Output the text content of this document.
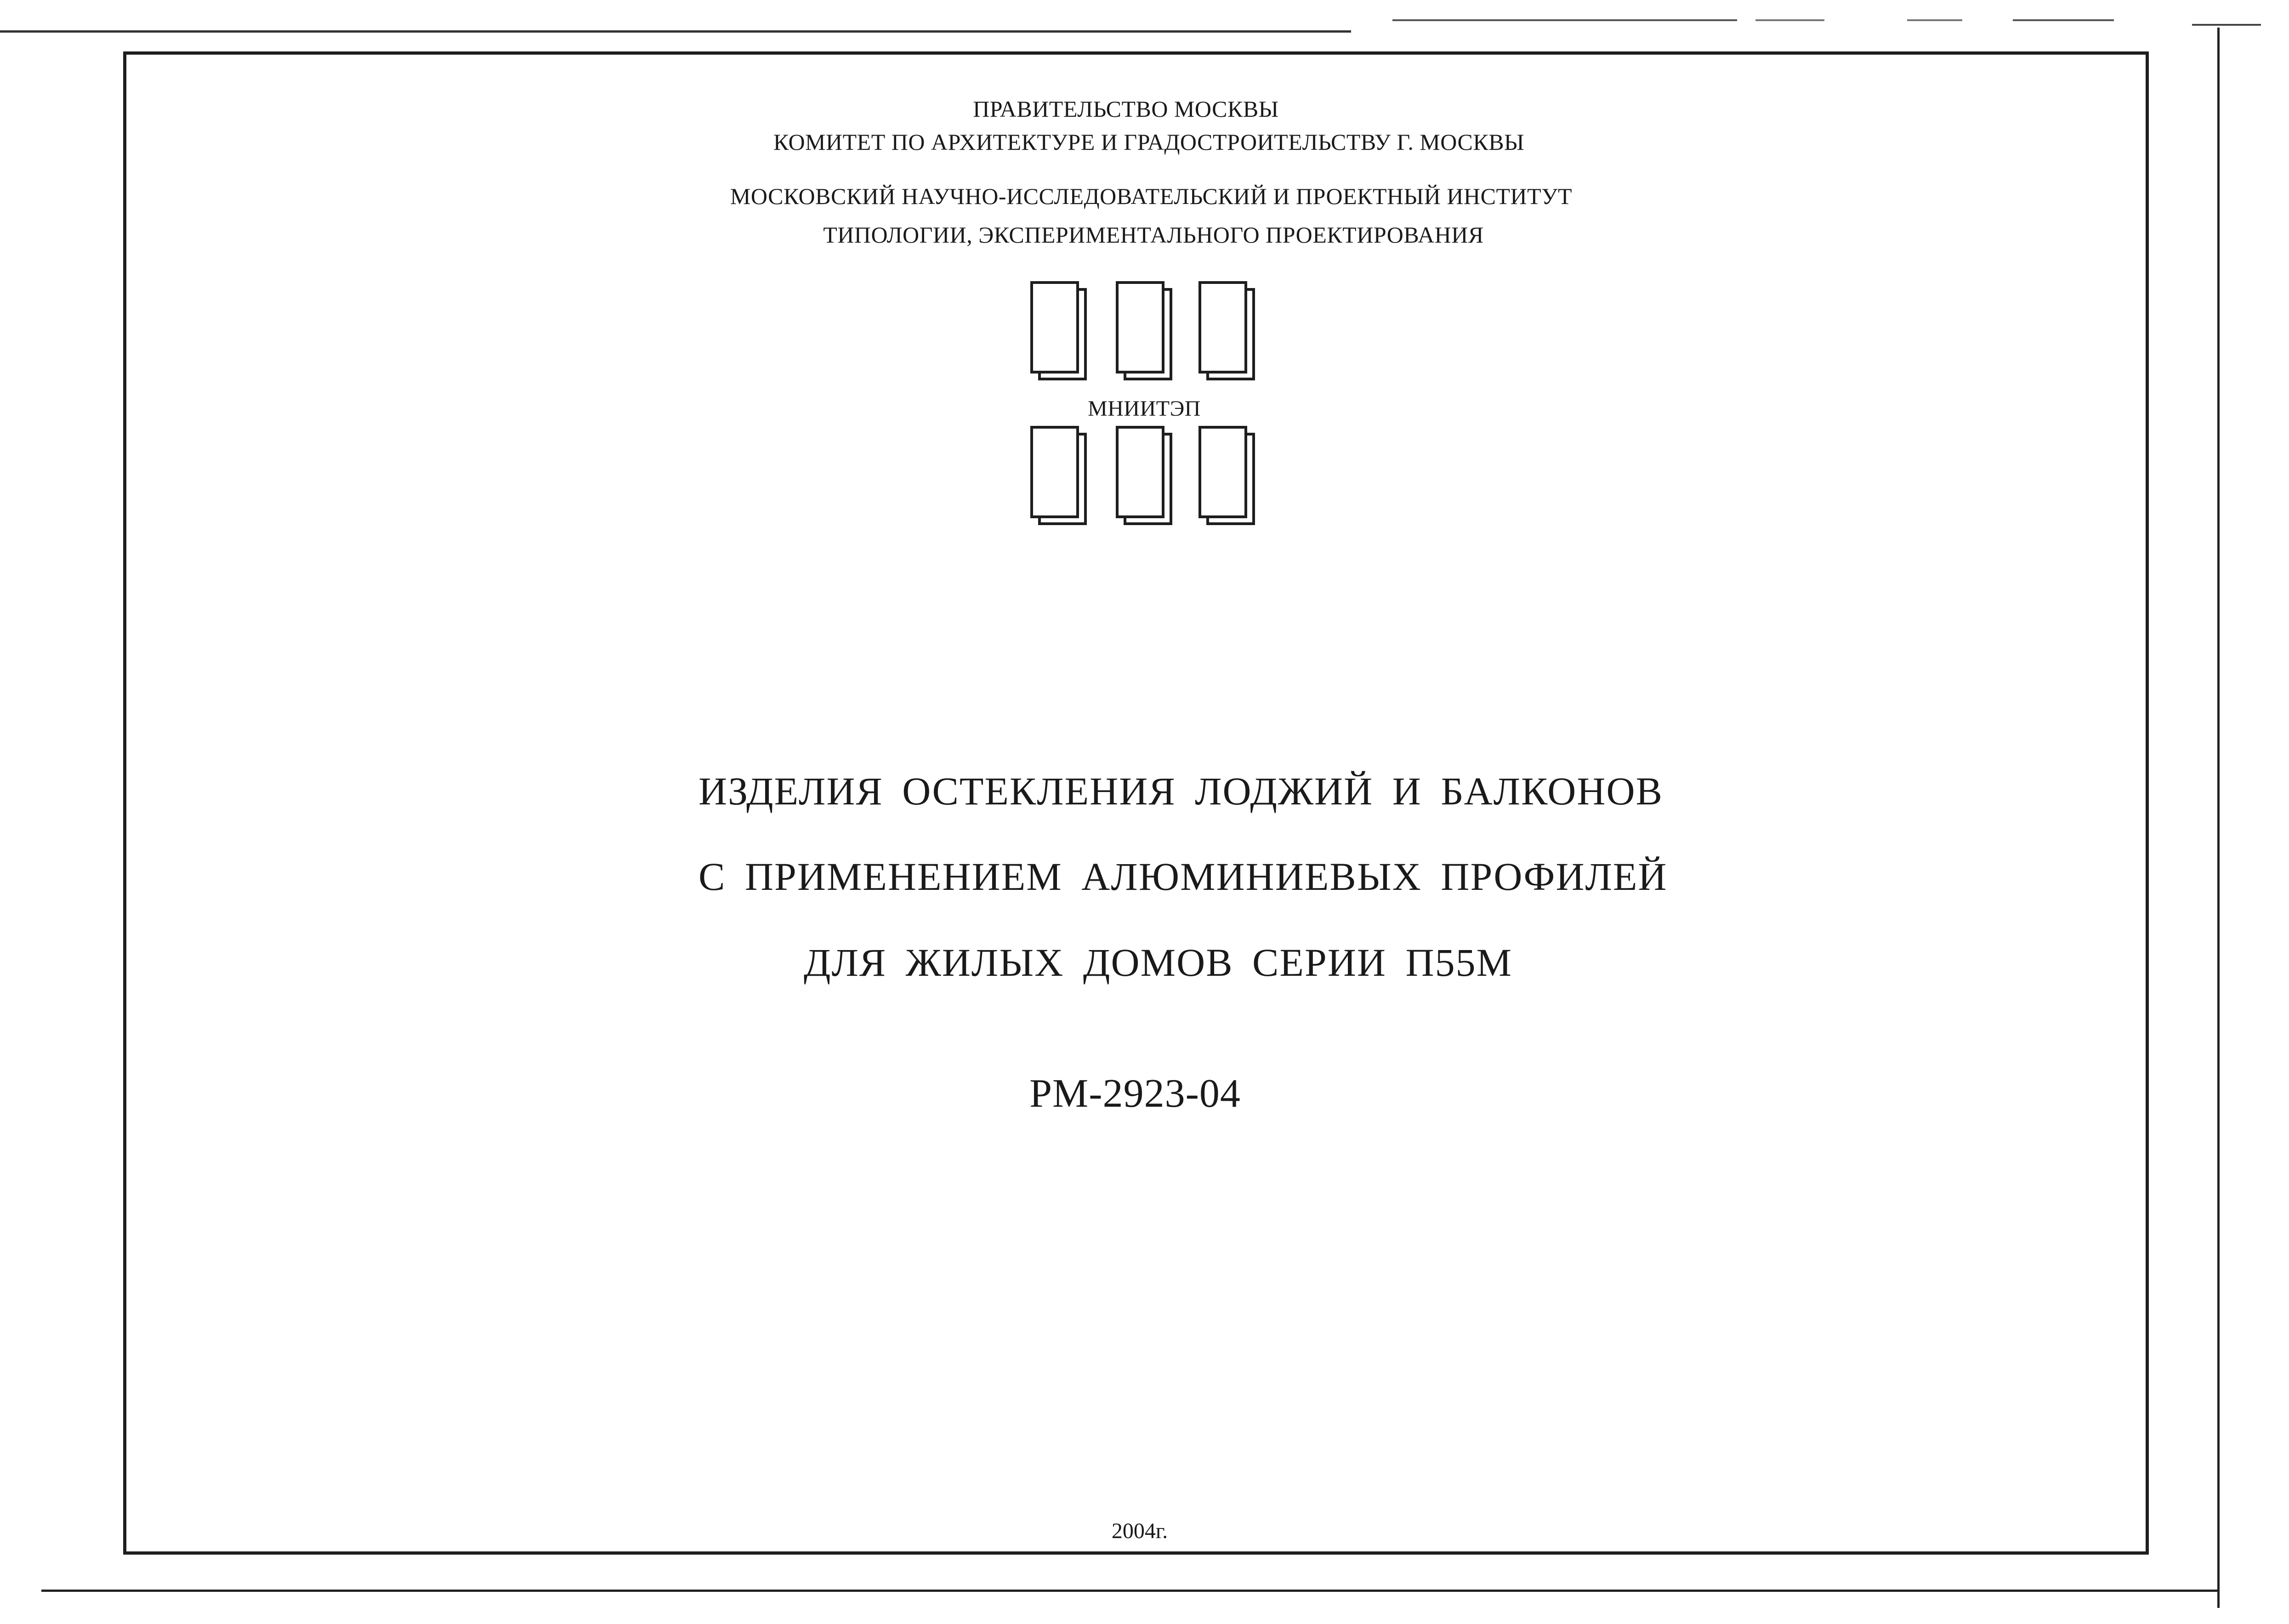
ПРАВИТЕЛЬСТВО МОСКВЫ
КОМИТЕТ ПО АРХИТЕКТУРЕ И ГРАДОСТРОИТЕЛЬСТВУ Г. МОСКВЫ
МОСКОВСКИЙ НАУЧНО-ИССЛЕДОВАТЕЛЬСКИЙ И ПРОЕКТНЫЙ ИНСТИТУТ
ТИПОЛОГИИ, ЭКСПЕРИМЕНТАЛЬНОГО ПРОЕКТИРОВАНИЯ
МНИИТЭП
ИЗДЕЛИЯ ОСТЕКЛЕНИЯ ЛОДЖИЙ И БАЛКОНОВ
С ПРИМЕНЕНИЕМ АЛЮМИНИЕВЫХ ПРОФИЛЕЙ
ДЛЯ ЖИЛЫХ ДОМОВ СЕРИИ П55М
РМ-2923-04
2004г.
